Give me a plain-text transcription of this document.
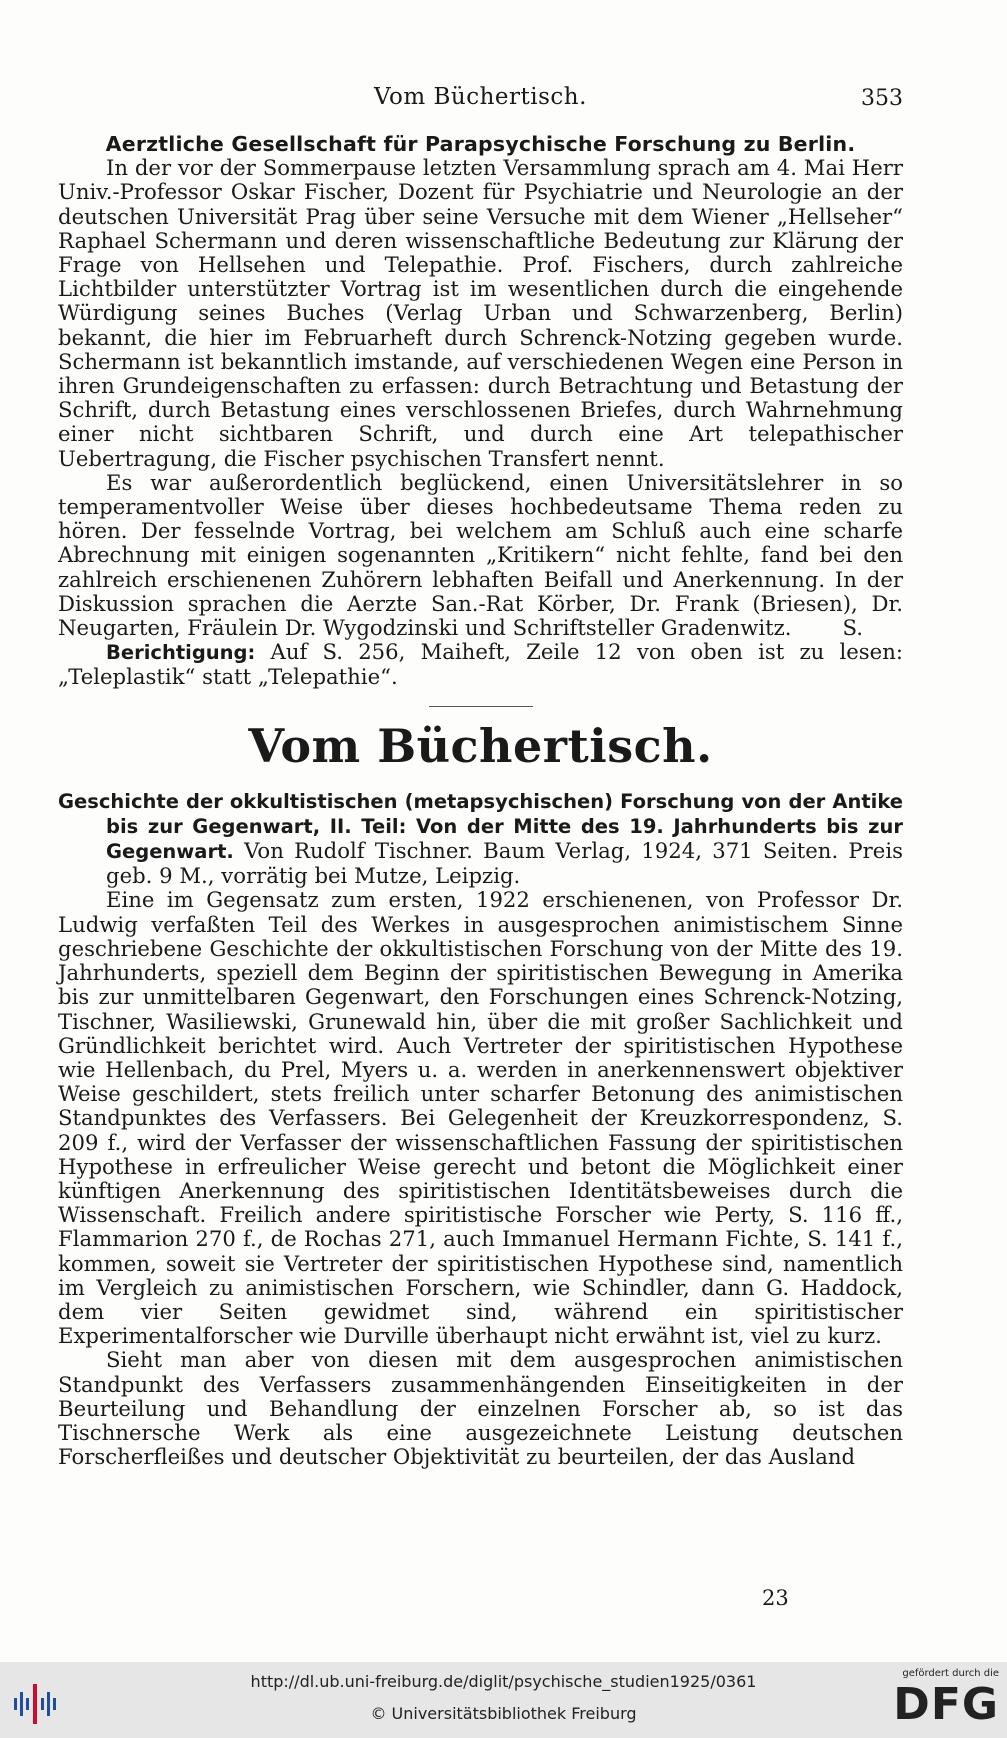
Vom Büchertisch.	353
Aerztliche Gesellschaft für Parapsychische Forschung zu Berlin.

In der vor der Sommerpause letzten Versammlung sprach am 4. Mai Herr Univ.-Professor Oskar Fischer, Dozent für Psychiatrie und Neurologie an der deutschen Universität Prag über seine Versuche mit dem Wiener „Hellseher“ Raphael Schermann und deren wissenschaftliche Bedeutung zur Klärung der Frage von Hellsehen und Telepathie. Prof. Fischers, durch zahlreiche Lichtbilder unterstützter Vortrag ist im wesentlichen durch die eingehende Würdigung seines Buches (Verlag Urban und Schwarzenberg, Berlin) bekannt, die hier im Februarheft durch Schrenck-Notzing gegeben wurde. Schermann ist bekanntlich imstande, auf verschiedenen Wegen eine Person in ihren Grundeigenschaften zu erfassen: durch Betrachtung und Betastung der Schrift, durch Betastung eines verschlossenen Briefes, durch Wahrnehmung einer nicht sichtbaren Schrift, und durch eine Art telepathischer Uebertragung, die Fischer psychischen Transfert nennt.

Es war außerordentlich beglückend, einen Universitätslehrer in so temperamentvoller Weise über dieses hochbedeutsame Thema reden zu hören. Der fesselnde Vortrag, bei welchem am Schluß auch eine scharfe Abrechnung mit einigen sogenannten „Kritikern“ nicht fehlte, fand bei den zahlreich erschienenen Zuhörern lebhaften Beifall und Anerkennung. In der Diskussion sprachen die Aerzte San.-Rat Körber, Dr. Frank (Briesen), Dr. Neugarten, Fräulein Dr. Wygodzinski und Schriftsteller Gradenwitz.	S.

Berichtigung: Auf S. 256, Maiheft, Zeile 12 von oben ist zu lesen: „Teleplastik“ statt „Telepathie“.

Vom Büchertisch.

Geschichte der okkultistischen (metapsychischen) Forschung von der Antike bis zur Gegenwart, II. Teil: Von der Mitte des 19. Jahrhunderts bis zur Gegenwart. Von Rudolf Tischner. Baum Verlag, 1924, 371 Seiten. Preis geb. 9 M., vorrätig bei Mutze, Leipzig.

Eine im Gegensatz zum ersten, 1922 erschienenen, von Professor Dr. Ludwig verfaßten Teil des Werkes in ausgesprochen animistischem Sinne geschriebene Geschichte der okkultistischen Forschung von der Mitte des 19. Jahrhunderts, speziell dem Beginn der spiritistischen Bewegung in Amerika bis zur unmittelbaren Gegenwart, den Forschungen eines Schrenck-Notzing, Tischner, Wasiliewski, Grunewald hin, über die mit großer Sachlichkeit und Gründlichkeit berichtet wird. Auch Vertreter der spiritistischen Hypothese wie Hellenbach, du Prel, Myers u. a. werden in anerkennenswert objektiver Weise geschildert, stets freilich unter scharfer Betonung des animistischen Standpunktes des Verfassers. Bei Gelegenheit der Kreuzkorrespondenz, S. 209 f., wird der Verfasser der wissenschaftlichen Fassung der spiritistischen Hypothese in erfreulicher Weise gerecht und betont die Möglichkeit einer künftigen Anerkennung des spiritistischen Identitätsbeweises durch die Wissenschaft. Freilich andere spiritistische Forscher wie Perty, S. 116 ff., Flammarion 270 f., de Rochas 271, auch Immanuel Hermann Fichte, S. 141 f., kommen, soweit sie Vertreter der spiritistischen Hypothese sind, namentlich im Vergleich zu animistischen Forschern, wie Schindler, dann G. Haddock, dem vier Seiten gewidmet sind, während ein spiritistischer Experimentalforscher wie Durville überhaupt nicht erwähnt ist, viel zu kurz.

Sieht man aber von diesen mit dem ausgesprochen animistischen Standpunkt des Verfassers zusammenhängenden Einseitigkeiten in der Beurteilung und Behandlung der einzelnen Forscher ab, so ist das Tischnersche Werk als eine ausgezeichnete Leistung deutschen Forscherfleißes und deutscher Objektivität zu beurteilen, der das Ausland

23
http://dl.ub.uni-freiburg.de/diglit/psychische_studien1925/0361
© Universitätsbibliothek Freiburg
gefördert durch die
DFG
